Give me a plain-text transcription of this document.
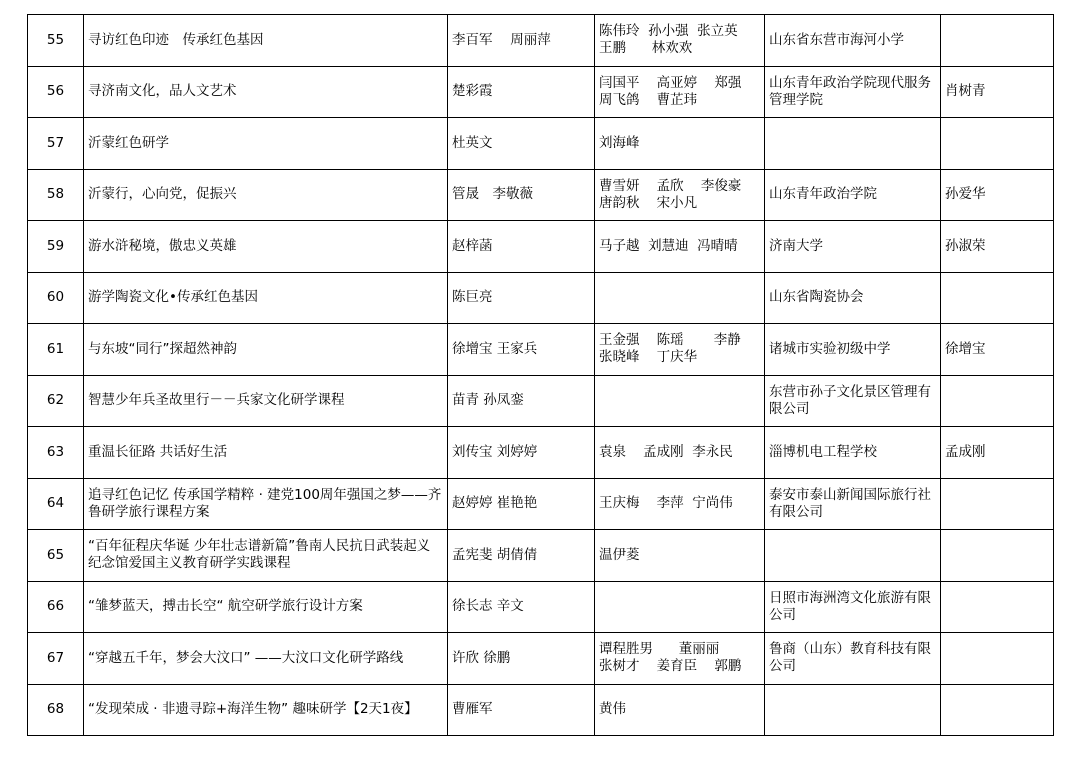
55	寻访红色印迹　传承红色基因	李百军　 周丽萍	陈伟玲  孙小强  张立英
王鹏      林欢欢	山东省东营市海河小学	
56	寻济南文化，品人文艺术	楚彩霞	闫国平    高亚婷    郑强
周飞鸽    曹芷玮	山东青年政治学院现代服务管理学院	肖树青
57	沂蒙红色研学	杜英文	刘海峰		
58	沂蒙行，心向党，促振兴	管晟　李敬薇	曹雪妍    孟欣    李俊豪
唐韵秋    宋小凡	山东青年政治学院	孙爱华
59	游水浒秘境，傲忠义英雄	赵梓菡	马子越  刘慧迪  冯晴晴	济南大学	孙淑荣
60	游学陶瓷文化•传承红色基因	陈巨亮		山东省陶瓷协会	
61	与东坡“同行”探超然神韵	徐增宝 王家兵	王金强    陈瑶       李静
张晓峰    丁庆华	诸城市实验初级中学	徐增宝
62	智慧少年兵圣故里行－－兵家文化研学课程	苗青 孙凤銮		东营市孙子文化景区管理有限公司	
63	重温长征路 共话好生活	刘传宝 刘婷婷	袁泉    孟成刚  李永民	淄博机电工程学校	孟成刚
64	追寻红色记忆 传承国学精粹 · 建党100周年强国之梦——齐鲁研学旅行课程方案	赵婷婷 崔艳艳	王庆梅    李萍  宁尚伟	泰安市泰山新闻国际旅行社有限公司	
65	“百年征程庆华诞 少年壮志谱新篇”鲁南人民抗日武装起义纪念馆爱国主义教育研学实践课程	孟宪斐 胡倩倩	温伊菱		
66	“雏梦蓝天，搏击长空“ 航空研学旅行设计方案	徐长志 辛文		日照市海洲湾文化旅游有限公司	
67	“穿越五千年，梦会大汶口” ——大汶口文化研学路线	许欣 徐鹏	谭程胜男      董丽丽
张树才    姜育臣    郭鹏	鲁商（山东）教育科技有限公司	
68	“发现荣成 · 非遗寻踪+海洋生物” 趣味研学【2天1夜】	曹雁军	黄伟		
